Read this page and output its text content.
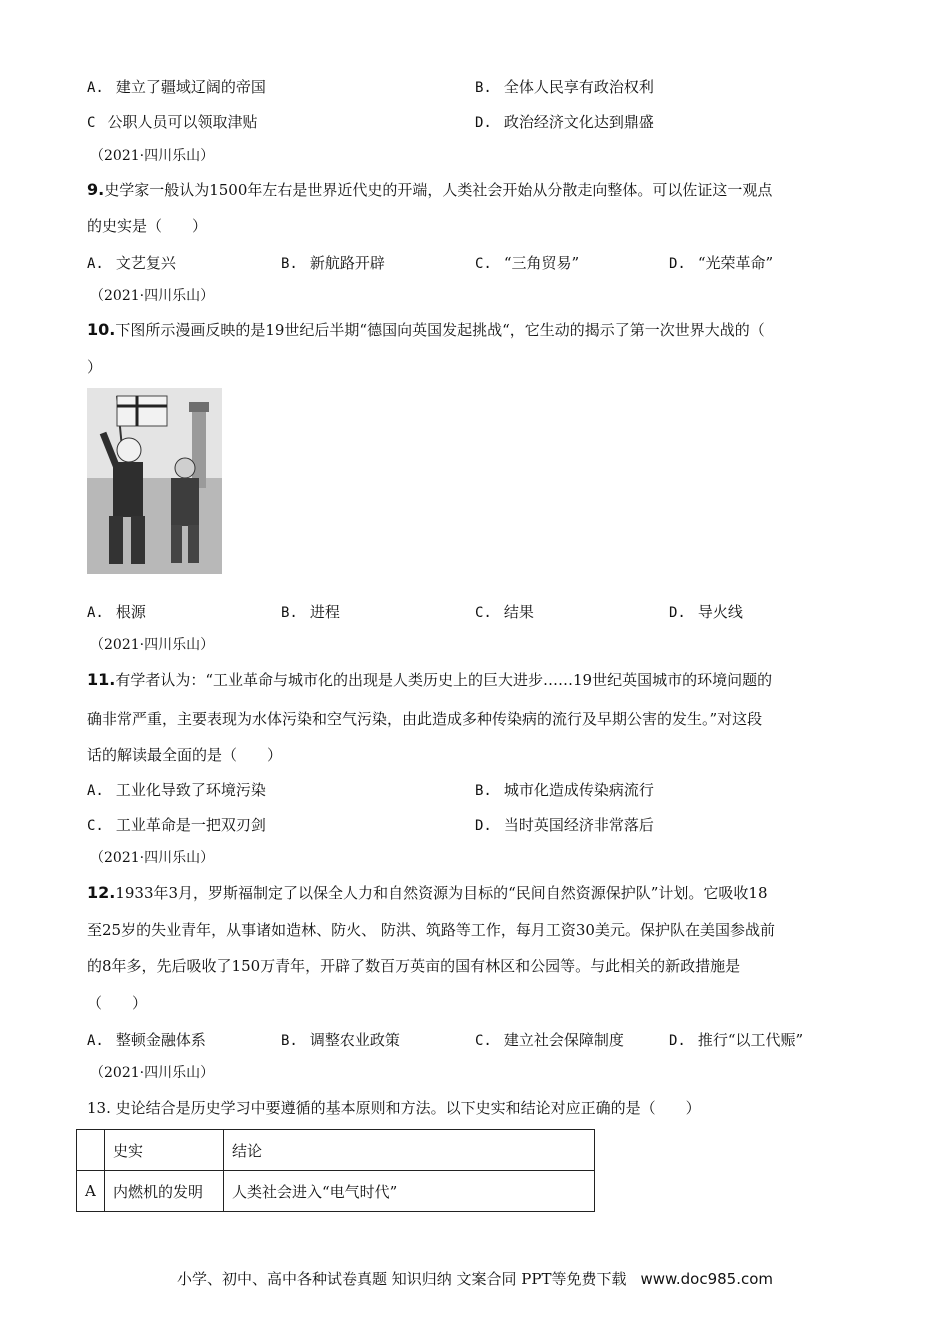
A. 建立了疆域辽阔的帝国	B. 全体人民享有政治权利
C 公职人员可以领取津贴	D. 政治经济文化达到鼎盛
（2021·四川乐山）
9.史学家一般认为1500年左右是世界近代史的开端，人类社会开始从分散走向整体。可以佐证这一观点
的史实是（　　）
A. 文艺复兴	B. 新航路开辟	C. “三角贸易”	D. “光荣革命”
（2021·四川乐山）
10.下图所示漫画反映的是19世纪后半期“德国向英国发起挑战“，它生动的揭示了第一次世界大战的（
）
A. 根源	B. 进程	C. 结果	D. 导火线
（2021·四川乐山）
11.有学者认为：“工业革命与城市化的出现是人类历史上的巨大进步……19世纪英国城市的环境问题的
确非常严重，主要表现为水体污染和空气污染，由此造成多种传染病的流行及早期公害的发生。”对这段
话的解读最全面的是（　　）
A. 工业化导致了环境污染	B. 城市化造成传染病流行
C. 工业革命是一把双刃剑	D. 当时英国经济非常落后
（2021·四川乐山）
12.1933年3月，罗斯福制定了以保全人力和自然资源为目标的“民间自然资源保护队”计划。它吸收18
至25岁的失业青年，从事诸如造林、防火、 防洪、筑路等工作，每月工资30美元。保护队在美国参战前
的8年多，先后吸收了150万青年，开辟了数百万英亩的国有林区和公园等。与此相关的新政措施是
（　　）
A. 整顿金融体系	B. 调整农业政策	C. 建立社会保障制度	D. 推行“以工代赈”
（2021·四川乐山）
13. 史论结合是历史学习中要遵循的基本原则和方法。以下史实和结论对应正确的是（　　）
	史实	结论
A	内燃机的发明	人类社会进入“电气时代”
小学、初中、高中各种试卷真题 知识归纳 文案合同 PPT等免费下载 www.doc985.com
